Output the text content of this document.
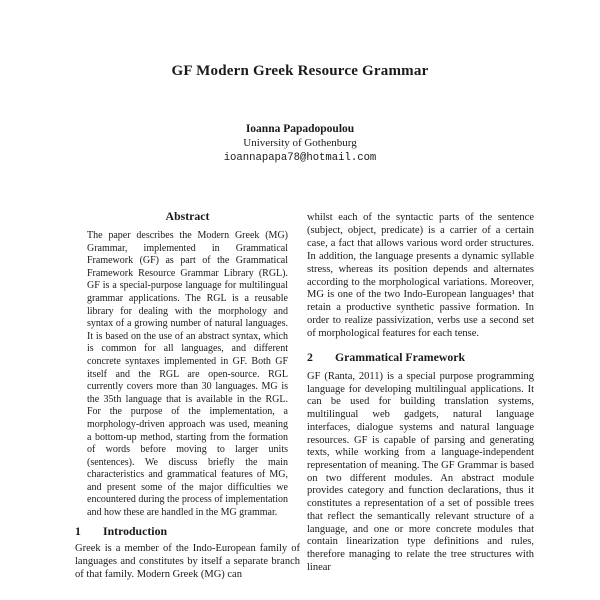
GF Modern Greek Resource Grammar
Ioanna Papadopoulou
University of Gothenburg
ioannapapa78@hotmail.com
Abstract
The paper describes the Modern Greek (MG) Grammar, implemented in Grammatical Framework (GF) as part of the Grammatical Framework Resource Grammar Library (RGL). GF is a special-purpose language for multilingual grammar applications. The RGL is a reusable library for dealing with the morphology and syntax of a growing number of natural languages. It is based on the use of an abstract syntax, which is common for all languages, and different concrete syntaxes implemented in GF. Both GF itself and the RGL are open-source. RGL currently covers more than 30 languages. MG is the 35th language that is available in the RGL. For the purpose of the implementation, a morphology-driven approach was used, meaning a bottom-up method, starting from the formation of words before moving to larger units (sentences). We discuss briefly the main characteristics and grammatical features of MG, and present some of the major difficulties we encountered during the process of implementation and how these are handled in the MG grammar.
1 Introduction
Greek is a member of the Indo-European family of languages and constitutes by itself a separate branch of that family. Modern Greek (MG) can
whilst each of the syntactic parts of the sentence (subject, object, predicate) is a carrier of a certain case, a fact that allows various word order structures. In addition, the language presents a dynamic syllable stress, whereas its position depends and alternates according to the morphological variations. Moreover, MG is one of the two Indo-European languages¹ that retain a productive synthetic passive formation. In order to realize passivization, verbs use a second set of morphological features for each tense.
2 Grammatical Framework
GF (Ranta, 2011) is a special purpose programming language for developing multilingual applications. It can be used for building translation systems, multilingual web gadgets, natural language interfaces, dialogue systems and natural language resources. GF is capable of parsing and generating texts, while working from a language-independent representation of meaning. The GF Grammar is based on two different modules. An abstract module provides category and function declarations, thus it constitutes a representation of a set of possible trees that reflect the semantically relevant structure of a language, and one or more concrete modules that contain linearization type definitions and rules, therefore managing to relate the tree structures with linear
